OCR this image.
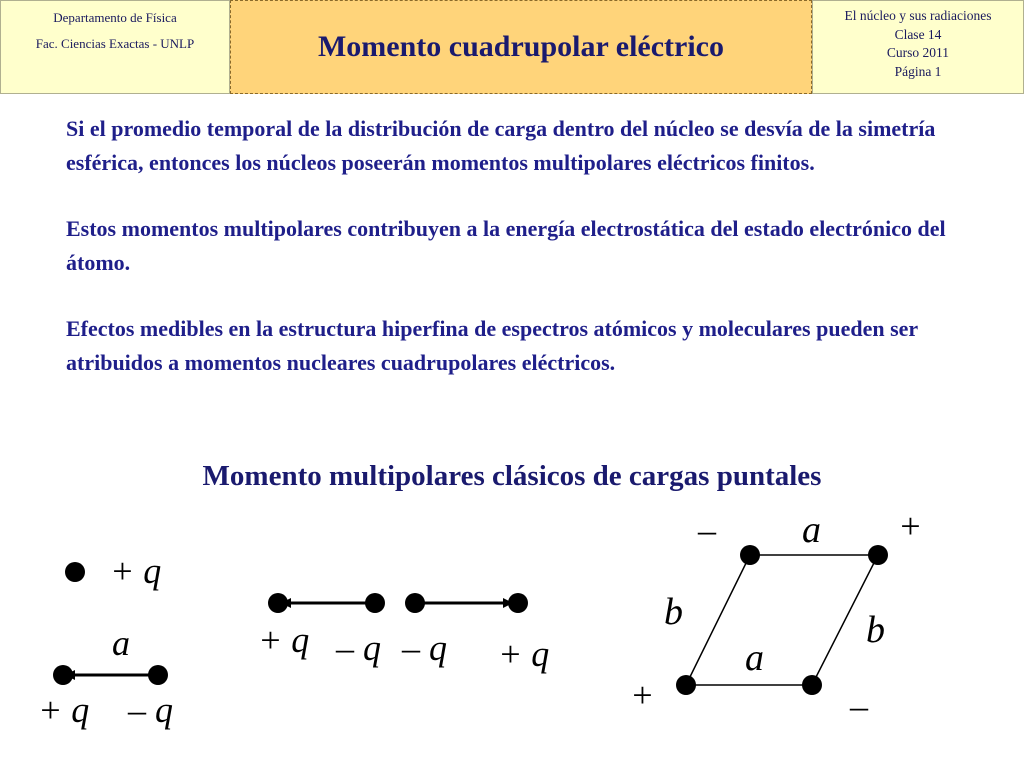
Departamento de Física
Fac. Ciencias Exactas - UNLP	Momento cuadrupolar eléctrico
El núcleo y sus radiaciones
Clase 14
Curso 2011
Página 1

Si el promedio temporal de la distribución de carga dentro del núcleo se desvía de la simetría esférica, entonces los núcleos poseerán momentos multipolares eléctricos finitos.

Estos momentos multipolares contribuyen a la energía electrostática del estado electrónico del átomo.

Efectos medibles en la estructura hiperfina de espectros atómicos y moleculares pueden ser atribuidos a momentos nucleares cuadrupolares eléctricos.

Momento multipolares clásicos de cargas puntales
+ q
a
+ q – q
+ q – q – q + q
– a +
b	b
a
+	–
